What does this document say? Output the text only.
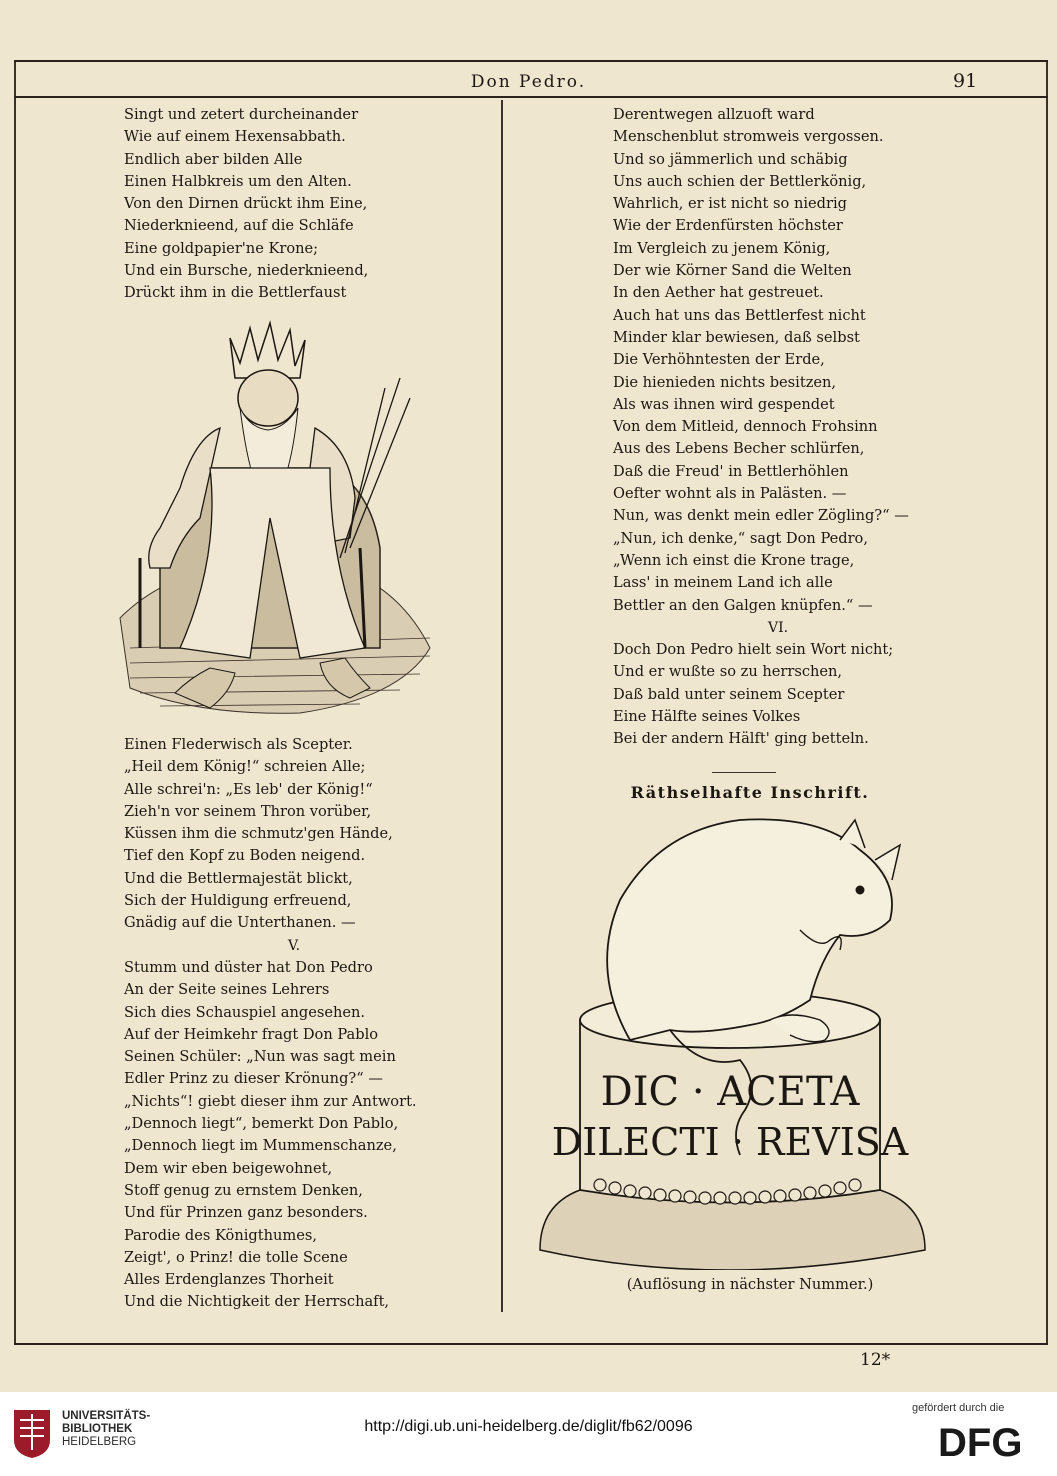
Don Pedro.	91
Singt und zetert durcheinander
Wie auf einem Hexensabbath.
Endlich aber bilden Alle
Einen Halbkreis um den Alten.
Von den Dirnen drückt ihm Eine,
Niederknieend, auf die Schläfe
Eine goldpapier'ne Krone;
Und ein Bursche, niederknieend,
Drückt ihm in die Bettlerfaust
Einen Flederwisch als Scepter.
„Heil dem König!“ schreien Alle;
Alle schrei'n: „Es leb' der König!“
Zieh'n vor seinem Thron vorüber,
Küssen ihm die schmutz'gen Hände,
Tief den Kopf zu Boden neigend.
Und die Bettlermajestät blickt,
Sich der Huldigung erfreuend,
Gnädig auf die Unterthanen. —
V.
Stumm und düster hat Don Pedro
An der Seite seines Lehrers
Sich dies Schauspiel angesehen.
Auf der Heimkehr fragt Don Pablo
Seinen Schüler: „Nun was sagt mein
Edler Prinz zu dieser Krönung?“ —
„Nichts“! giebt dieser ihm zur Antwort.
„Dennoch liegt“, bemerkt Don Pablo,
„Dennoch liegt im Mummenschanze,
Dem wir eben beigewohnet,
Stoff genug zu ernstem Denken,
Und für Prinzen ganz besonders.
Parodie des Königthumes,
Zeigt', o Prinz! die tolle Scene
Alles Erdenglanzes Thorheit
Und die Nichtigkeit der Herrschaft,
Derentwegen allzuoft ward
Menschenblut stromweis vergossen.
Und so jämmerlich und schäbig
Uns auch schien der Bettlerkönig,
Wahrlich, er ist nicht so niedrig
Wie der Erdenfürsten höchster
Im Vergleich zu jenem König,
Der wie Körner Sand die Welten
In den Aether hat gestreuet.
Auch hat uns das Bettlerfest nicht
Minder klar bewiesen, daß selbst
Die Verhöhntesten der Erde,
Die hienieden nichts besitzen,
Als was ihnen wird gespendet
Von dem Mitleid, dennoch Frohsinn
Aus des Lebens Becher schlürfen,
Daß die Freud' in Bettlerhöhlen
Oefter wohnt als in Palästen. —
Nun, was denkt mein edler Zögling?“ —
„Nun, ich denke,“ sagt Don Pedro,
„Wenn ich einst die Krone trage,
Lass' in meinem Land ich alle
Bettler an den Galgen knüpfen.“ —
VI.
Doch Don Pedro hielt sein Wort nicht;
Und er wußte so zu herrschen,
Daß bald unter seinem Scepter
Eine Hälfte seines Volkes
Bei der andern Hälft' ging betteln.
Räthselhafte Inschrift.
DIC · ACETA
DILECTI · REVISA
(Auflösung in nächster Nummer.)
12*
UNIVERSITÄTS-
BIBLIOTHEK
HEIDELBERG
http://digi.ub.uni-heidelberg.de/diglit/fb62/0096
gefördert durch die
DFG
